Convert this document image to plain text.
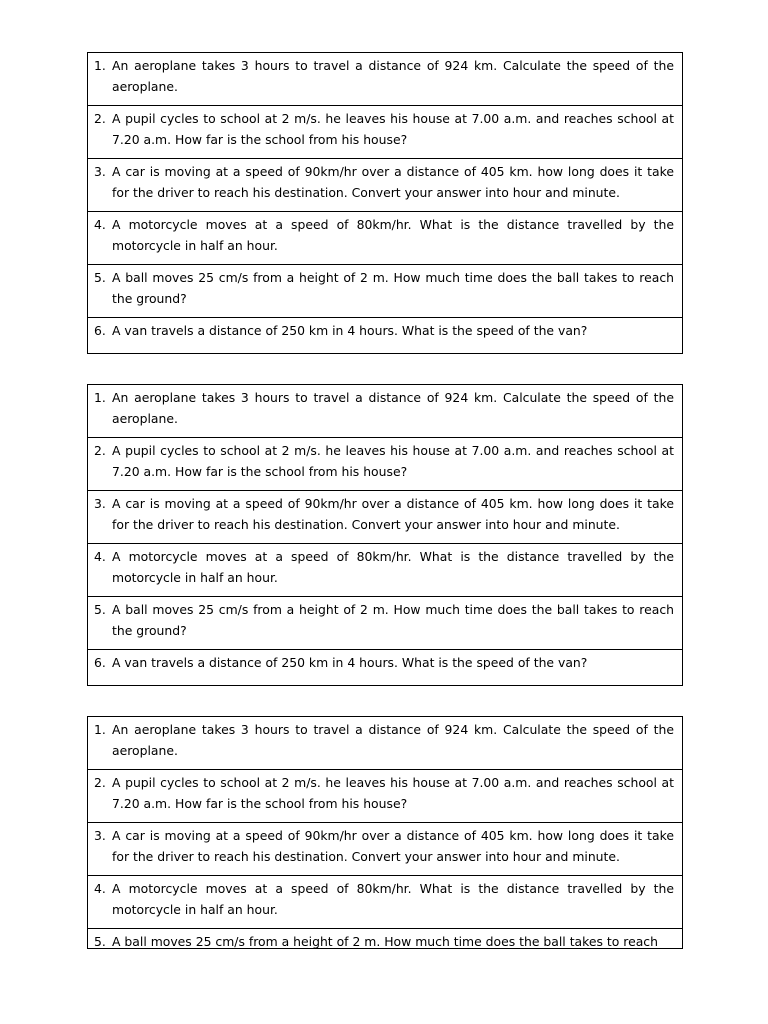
1. An aeroplane takes 3 hours to travel a distance of 924 km. Calculate the speed of the aeroplane.
2. A pupil cycles to school at 2 m/s. he leaves his house at 7.00 a.m. and reaches school at 7.20 a.m. How far is the school from his house?
3. A car is moving at a speed of 90km/hr over a distance of 405 km. how long does it take for the driver to reach his destination. Convert your answer into hour and minute.
4. A motorcycle moves at a speed of 80km/hr. What is the distance travelled by the motorcycle in half an hour.
5. A ball moves 25 cm/s from a height of 2 m. How much time does the ball takes to reach the ground?
6. A van travels a distance of 250 km in 4 hours. What is the speed of the van?
1. An aeroplane takes 3 hours to travel a distance of 924 km. Calculate the speed of the aeroplane.
2. A pupil cycles to school at 2 m/s. he leaves his house at 7.00 a.m. and reaches school at 7.20 a.m. How far is the school from his house?
3. A car is moving at a speed of 90km/hr over a distance of 405 km. how long does it take for the driver to reach his destination. Convert your answer into hour and minute.
4. A motorcycle moves at a speed of 80km/hr. What is the distance travelled by the motorcycle in half an hour.
5. A ball moves 25 cm/s from a height of 2 m. How much time does the ball takes to reach the ground?
6. A van travels a distance of 250 km in 4 hours. What is the speed of the van?
1. An aeroplane takes 3 hours to travel a distance of 924 km. Calculate the speed of the aeroplane.
2. A pupil cycles to school at 2 m/s. he leaves his house at 7.00 a.m. and reaches school at 7.20 a.m. How far is the school from his house?
3. A car is moving at a speed of 90km/hr over a distance of 405 km. how long does it take for the driver to reach his destination. Convert your answer into hour and minute.
4. A motorcycle moves at a speed of 80km/hr. What is the distance travelled by the motorcycle in half an hour.
5. A ball moves 25 cm/s from a height of 2 m. How much time does the ball takes to reach
